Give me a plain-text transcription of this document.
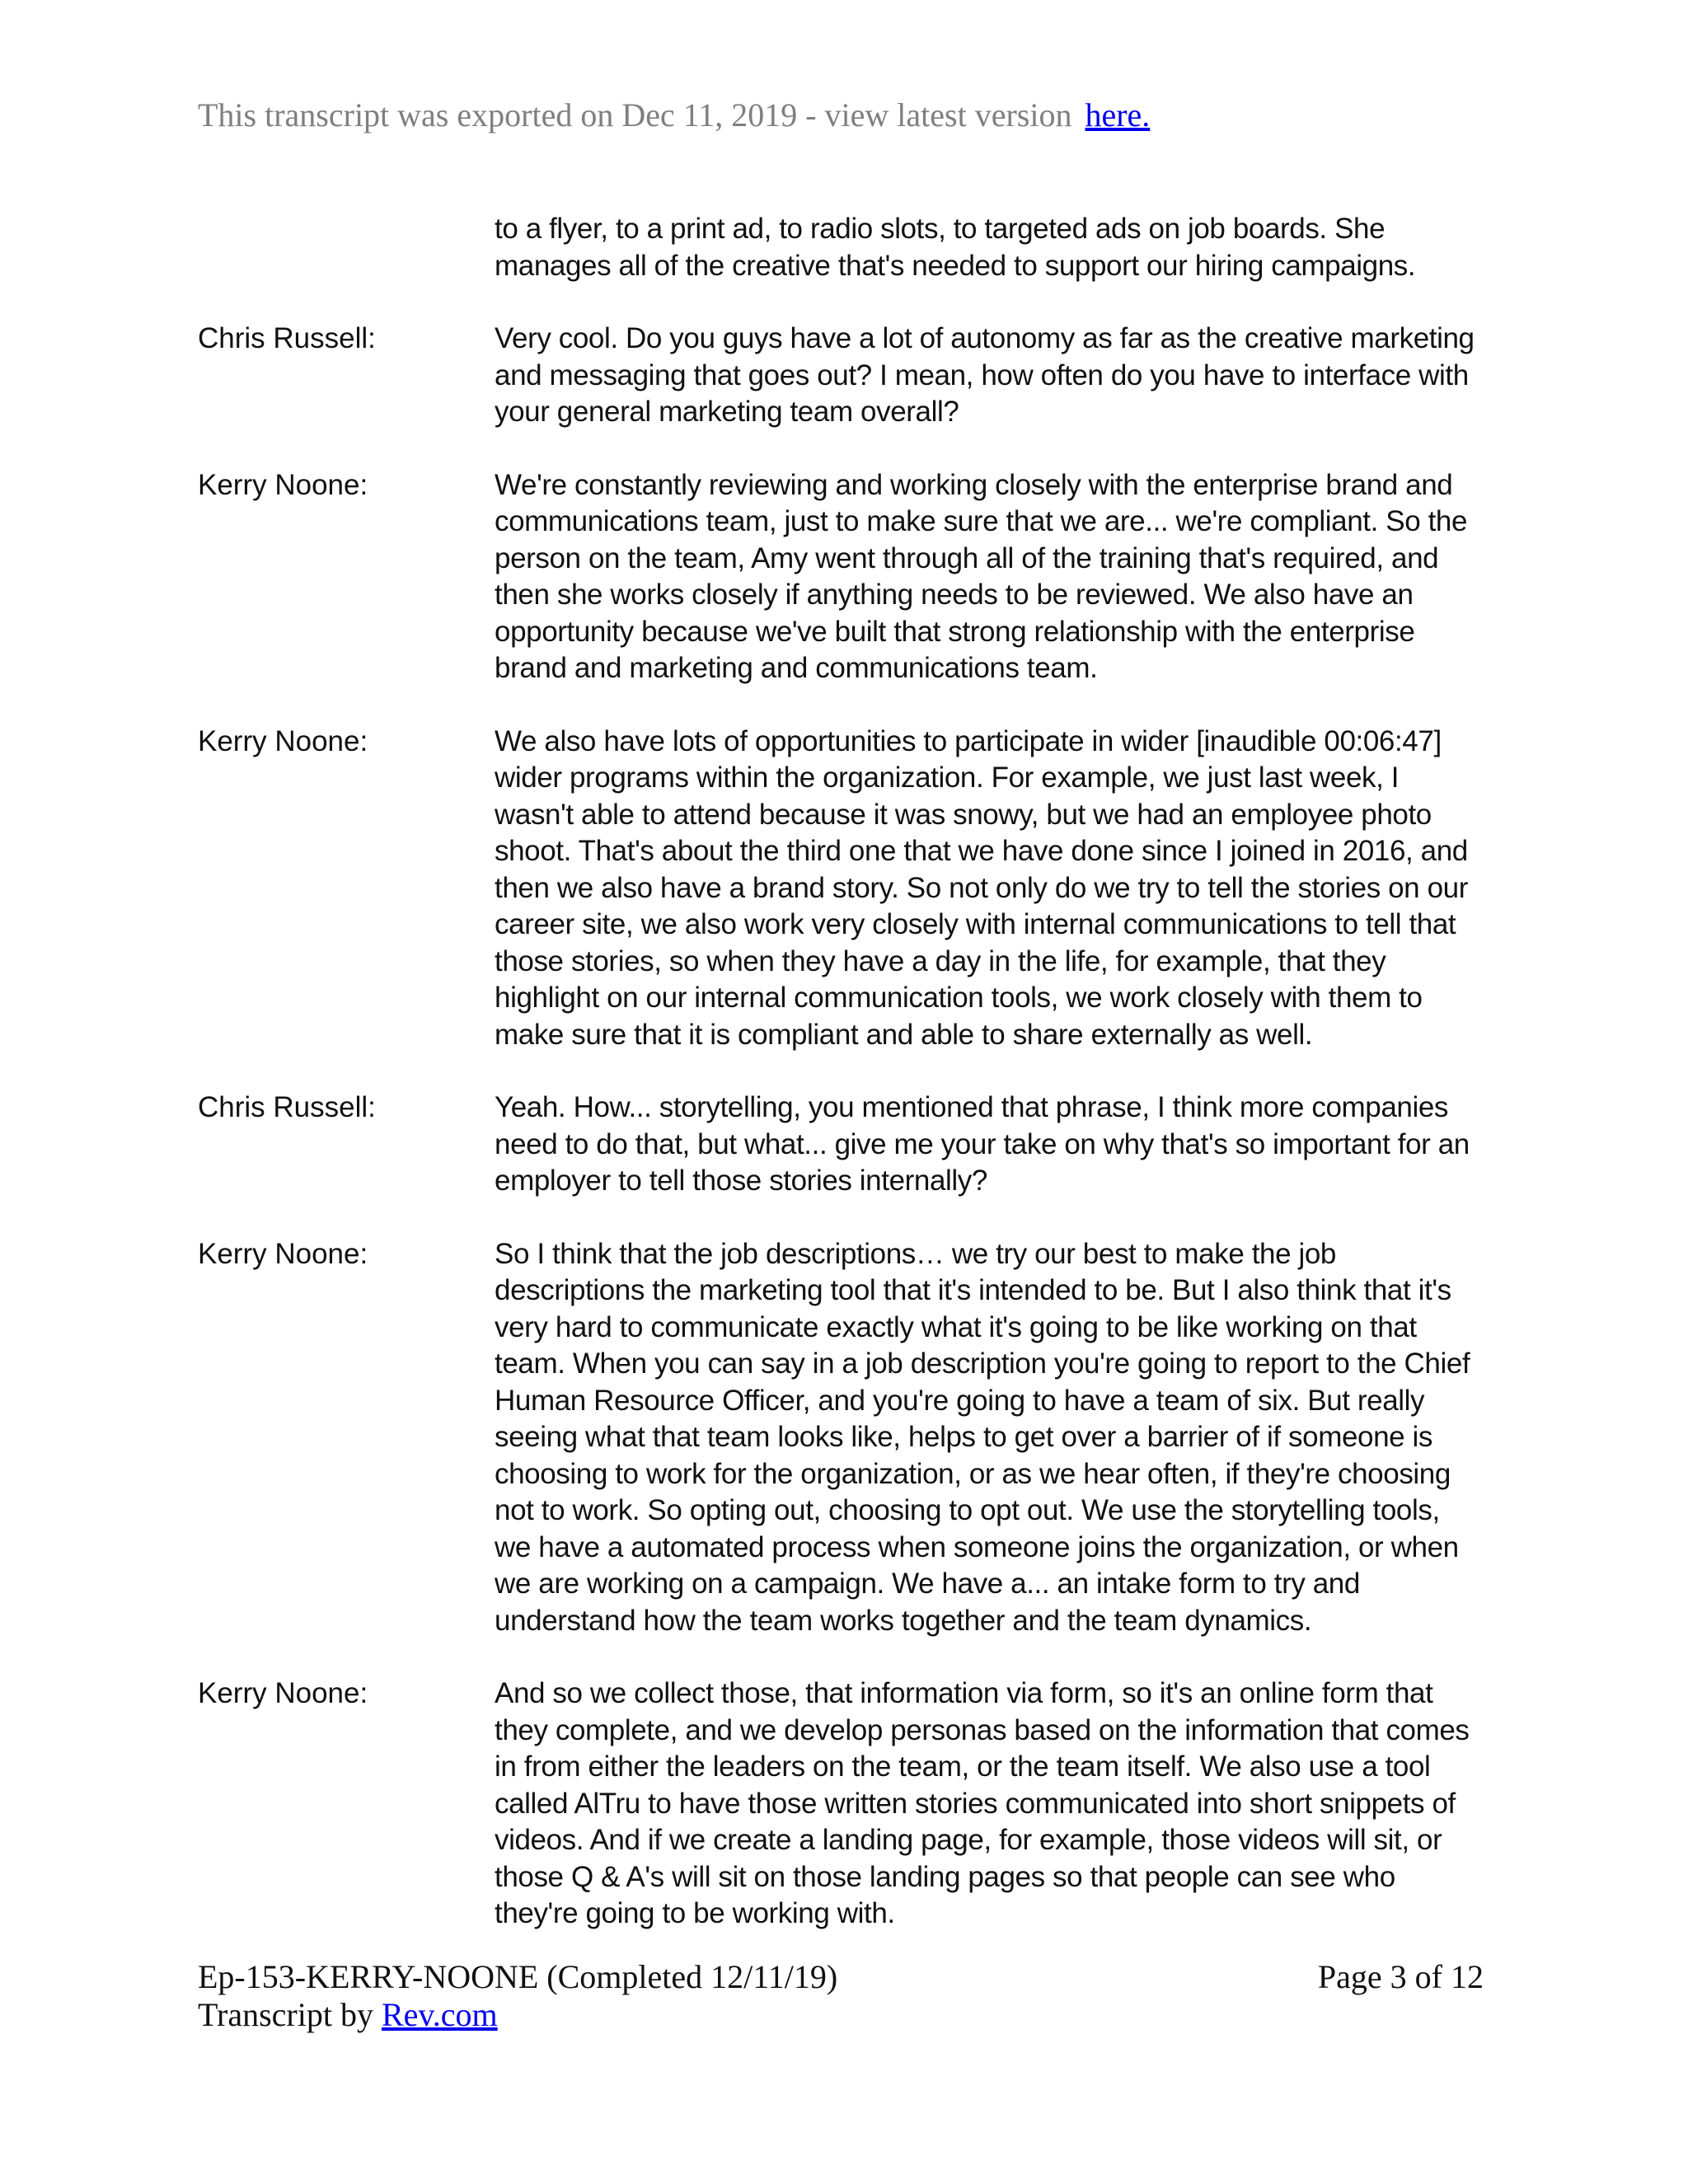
This transcript was exported on Dec 11, 2019 - view latest version here.
to a flyer, to a print ad, to radio slots, to targeted ads on job boards. She manages all of the creative that's needed to support our hiring campaigns.
Chris Russell:	Very cool. Do you guys have a lot of autonomy as far as the creative marketing and messaging that goes out? I mean, how often do you have to interface with your general marketing team overall?
Kerry Noone:	We're constantly reviewing and working closely with the enterprise brand and communications team, just to make sure that we are... we're compliant. So the person on the team, Amy went through all of the training that's required, and then she works closely if anything needs to be reviewed. We also have an opportunity because we've built that strong relationship with the enterprise brand and marketing and communications team.
Kerry Noone:	We also have lots of opportunities to participate in wider [inaudible 00:06:47] wider programs within the organization. For example, we just last week, I wasn't able to attend because it was snowy, but we had an employee photo shoot. That's about the third one that we have done since I joined in 2016, and then we also have a brand story. So not only do we try to tell the stories on our career site, we also work very closely with internal communications to tell that those stories, so when they have a day in the life, for example, that they highlight on our internal communication tools, we work closely with them to make sure that it is compliant and able to share externally as well.
Chris Russell:	Yeah. How... storytelling, you mentioned that phrase, I think more companies need to do that, but what... give me your take on why that's so important for an employer to tell those stories internally?
Kerry Noone:	So I think that the job descriptions… we try our best to make the job descriptions the marketing tool that it's intended to be. But I also think that it's very hard to communicate exactly what it's going to be like working on that team. When you can say in a job description you're going to report to the Chief Human Resource Officer, and you're going to have a team of six. But really seeing what that team looks like, helps to get over a barrier of if someone is choosing to work for the organization, or as we hear often, if they're choosing not to work. So opting out, choosing to opt out. We use the storytelling tools, we have a automated process when someone joins the organization, or when we are working on a campaign. We have a... an intake form to try and understand how the team works together and the team dynamics.
Kerry Noone:	And so we collect those, that information via form, so it's an online form that they complete, and we develop personas based on the information that comes in from either the leaders on the team, or the team itself. We also use a tool called AlTru to have those written stories communicated into short snippets of videos. And if we create a landing page, for example, those videos will sit, or those Q & A's will sit on those landing pages so that people can see who they're going to be working with.
Ep-153-KERRY-NOONE (Completed 12/11/19)	Page 3 of 12
Transcript by Rev.com
